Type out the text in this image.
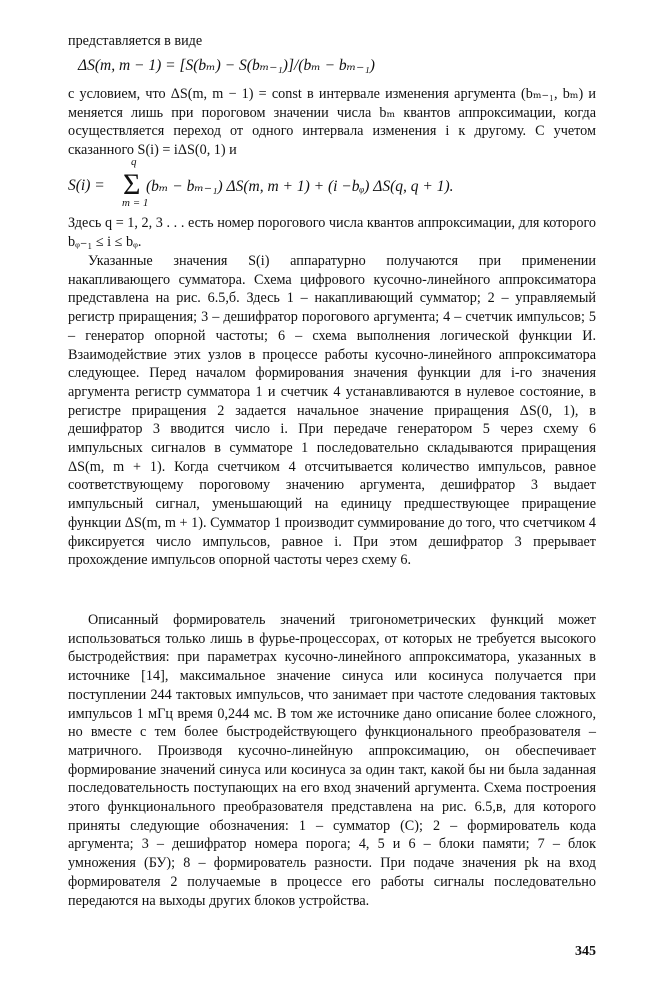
представляется в виде
ΔS(m, m − 1) = [S(bₘ) − S(bₘ₋₁)]/(bₘ − bₘ₋₁)
с условием, что ΔS(m, m − 1) = const в интервале изменения аргумента (bₘ₋₁, bₘ) и меняется лишь при пороговом значении числа bₘ квантов аппроксимации, когда осуществляется переход от одного интервала изменения i к другому. С учетом сказанного S(i) = iΔS(0, 1) и
S(i) =
q
Σ
m = 1
(bₘ − bₘ₋₁) ΔS(m, m + 1) + (i −bᵩ) ΔS(q, q + 1).
Здесь q = 1, 2, 3 . . . есть номер порогового числа квантов аппроксимации, для которого bᵩ₋₁ ≤ i ≤ bᵩ.
Указанные значения S(i) аппаратурно получаются при применении накапливающего сумматора. Схема цифрового кусочно-линейного аппроксиматора представлена на рис. 6.5,б. Здесь 1 – накапливающий сумматор; 2 – управляемый регистр приращения; 3 – дешифратор порогового аргумента; 4 – счетчик импульсов; 5 – генератор опорной частоты; 6 – схема выполнения логической функции И. Взаимодействие этих узлов в процессе работы кусочно-линейного аппроксиматора следующее. Перед началом формирования значения функции для i-го значения аргумента регистр сумматора 1 и счетчик 4 устанавливаются в нулевое состояние, в регистре приращения 2 задается начальное значение приращения ΔS(0, 1), в дешифратор 3 вводится число i. При передаче генератором 5 через схему 6 импульсных сигналов в сумматоре 1 последовательно складываются приращения ΔS(m, m + 1). Когда счетчиком 4 отсчитывается количество импульсов, равное соответствующему пороговому значению аргумента, дешифратор 3 выдает импульсный сигнал, уменьшающий на единицу предшествующее приращение функции ΔS(m, m + 1). Сумматор 1 производит суммирование до того, что счетчиком 4 фиксируется число импульсов, равное i. При этом дешифратор 3 прерывает прохождение импульсов опорной частоты через схему 6.
Описанный формирователь значений тригонометрических функций может использоваться только лишь в фурье-процессорах, от которых не требуется высокого быстродействия: при параметрах кусочно-линейного аппроксиматора, указанных в источнике [14], максимальное значение синуса или косинуса получается при поступлении 244 тактовых импульсов, что занимает при частоте следования тактовых импульсов 1 мГц время 0,244 мс. В том же источнике дано описание более сложного, но вместе с тем более быстродействующего функционального преобразователя – матричного. Производя кусочно-линейную аппроксимацию, он обеспечивает формирование значений синуса или косинуса за один такт, какой бы ни была заданная последовательность поступающих на его вход значений аргумента. Схема построения этого функционального преобразователя представлена на рис. 6.5,в, для которого приняты следующие обозначения: 1 – сумматор (С); 2 – формирователь кода аргумента; 3 – дешифратор номера порога; 4, 5 и 6 – блоки памяти; 7 – блок умножения (БУ); 8 – формирователь разности. При подаче значения pk на вход формирователя 2 получаемые в процессе его работы сигналы последовательно передаются на выходы других блоков устройства.
345
